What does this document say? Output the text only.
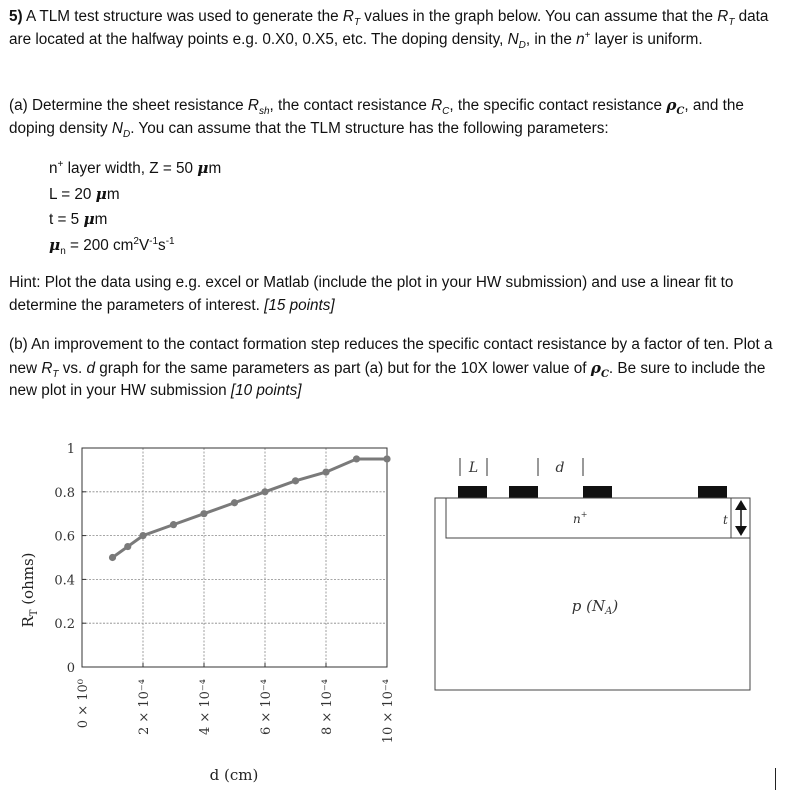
5) A TLM test structure was used to generate the $R_T$ values in the graph below. You can assume that the $R_T$ data are located at the halfway points e.g. 0.X0, 0.X5, etc. The doping density, $N_D$, in the n+ layer is uniform.

(a) Determine the sheet resistance $R_{sh}$, the contact resistance $R_C$, the specific contact resistance $\rho_C$, and the doping density $N_D$. You can assume that the TLM structure has the following parameters:

n+ layer width, Z = 50 μm
L = 20 μm
t = 5 μm
$\mu_n = 200$ $cm^2V^{-1}s^{-1}$

Hint: Plot the data using e.g. excel or Matlab (include the plot in your HW submission) and use a linear fit to determine the parameters of interest. [15 points]

(b) An improvement to the contact formation step reduces the specific contact resistance by a factor of ten. Plot a new $R_T$ vs. d graph for the same parameters as part (a) but for the 10X lower value of $\rho_C$. Be sure to include the new plot in your HW submission [10 points]

0
0.2
0.4
0.6
0.8
1
0 × 10⁰	2 × 10⁻⁴	4 × 10⁻⁴	6 × 10⁻⁴	8 × 10⁻⁴	10 × 10⁻⁴
$R_T$ (ohms)
d (cm)
L	d
n+	t
p $(N_A)$
